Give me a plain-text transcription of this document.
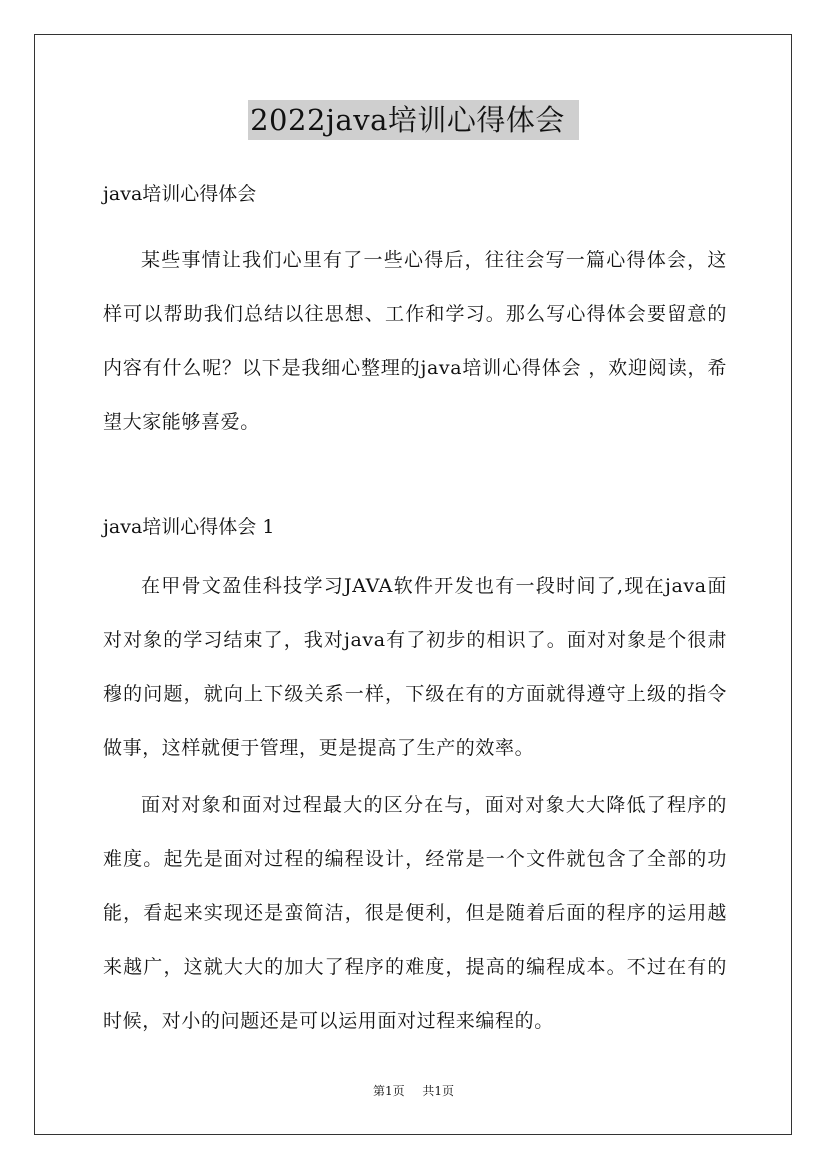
2022java培训心得体会

java培训心得体会

某些事情让我们心里有了一些心得后，往往会写一篇心得体会，这样可以帮助我们总结以往思想、工作和学习。那么写心得体会要留意的内容有什么呢？以下是我细心整理的java培训心得体会 ，欢迎阅读，希望大家能够喜爱。

java培训心得体会 1

在甲骨文盈佳科技学习JAVA软件开发也有一段时间了,现在java面对对象的学习结束了，我对java有了初步的相识了。面对对象是个很肃穆的问题，就向上下级关系一样，下级在有的方面就得遵守上级的指令做事，这样就便于管理，更是提高了生产的效率。

面对对象和面对过程最大的区分在与，面对对象大大降低了程序的难度。起先是面对过程的编程设计，经常是一个文件就包含了全部的功能，看起来实现还是蛮简洁，很是便利，但是随着后面的程序的运用越来越广，这就大大的加大了程序的难度，提高的编程成本。不过在有的时候，对小的问题还是可以运用面对过程来编程的。

第1页 共1页
